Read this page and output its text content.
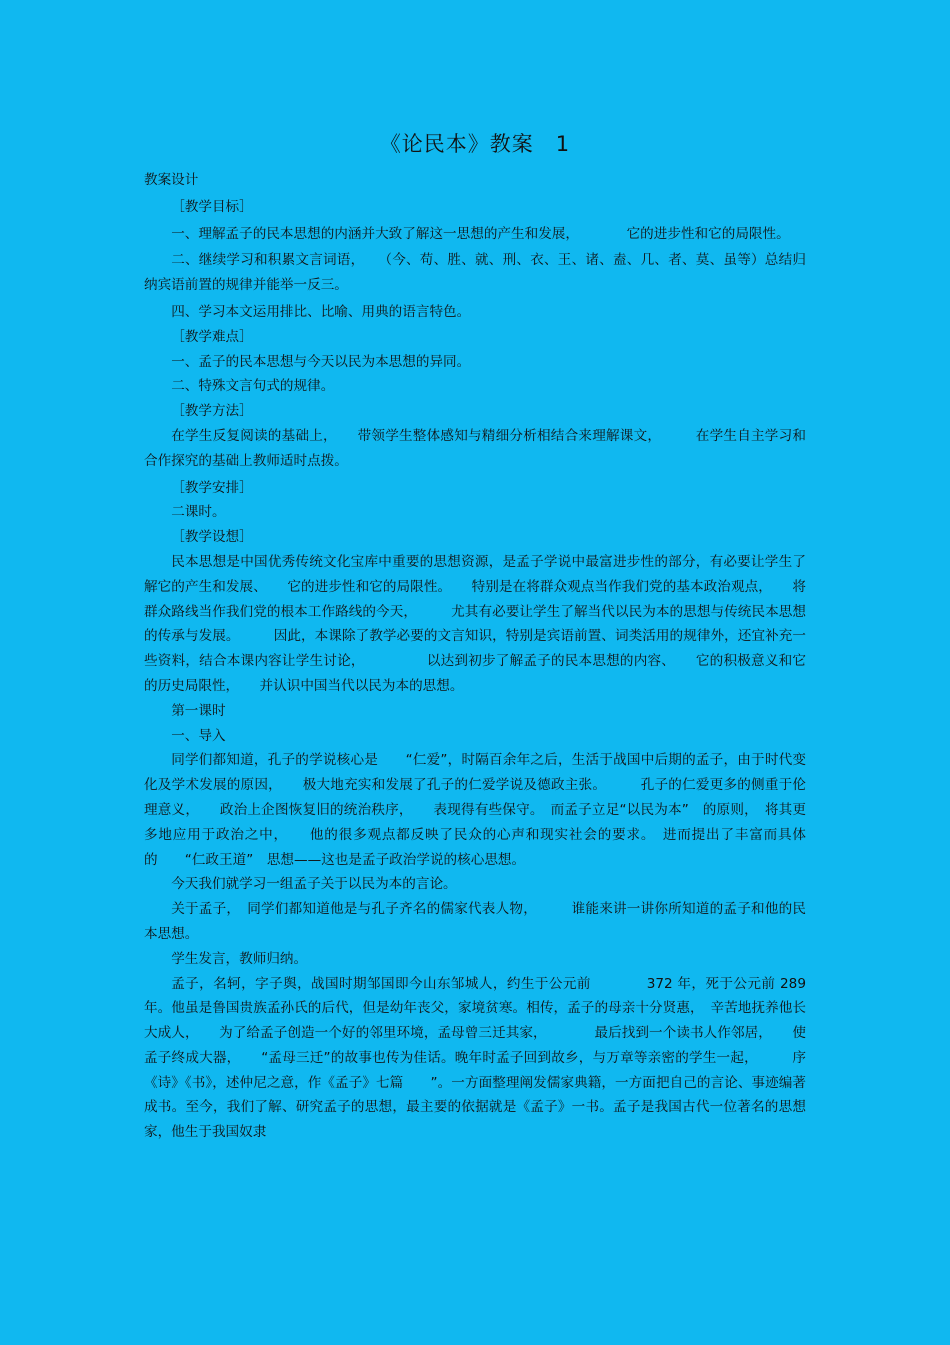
《论民本》教案　1

教案设计

［教学目标］

一、理解孟子的民本思想的内涵并大致了解这一思想的产生和发展，　　　　它的进步性和它的局限性。

二、继续学习和积累文言词语，　　（今、苟、胜、就、刑、衣、王、诸、盍、几、者、莫、虽等）总结归纳宾语前置的规律并能举一反三。

四、学习本文运用排比、比喻、用典的语言特色。

［教学难点］

一、孟子的民本思想与今天以民为本思想的异同。

二、特殊文言句式的规律。

［教学方法］

在学生反复阅读的基础上，　　带领学生整体感知与精细分析相结合来理解课文，　　　在学生自主学习和合作探究的基础上教师适时点拨。

［教学安排］

二课时。

［教学设想］

民本思想是中国优秀传统文化宝库中重要的思想资源，是孟子学说中最富进步性的部分，有必要让学生了解它的产生和发展、　　它的进步性和它的局限性。　　特别是在将群众观点当作我们党的基本政治观点，　　将群众路线当作我们党的根本工作路线的今天，　　　尤其有必要让学生了解当代以民为本的思想与传统民本思想的传承与发展。　　　因此，本课除了教学必要的文言知识，特别是宾语前置、词类活用的规律外，还宜补充一些资料，结合本课内容让学生讨论，　　　　　以达到初步了解孟子的民本思想的内容、　　它的积极意义和它的历史局限性，　　并认识中国当代以民为本的思想。

第一课时

一、导入

同学们都知道，孔子的学说核心是　　“仁爱”，时隔百余年之后，生活于战国中后期的孟子，由于时代变化及学术发展的原因，　　极大地充实和发展了孔子的仁爱学说及德政主张。　　　孔子的仁爱更多的侧重于伦理意义，　　政治上企图恢复旧的统治秩序，　　表现得有些保守。　而孟子立足“以民为本”　的原则，　将其更多地应用于政治之中，　　他的很多观点都反映了民众的心声和现实社会的要求。　进而提出了丰富而具体的　　“仁政王道”　思想——这也是孟子政治学说的核心思想。

今天我们就学习一组孟子关于以民为本的言论。

关于孟子，　同学们都知道他是与孔子齐名的儒家代表人物，　　　谁能来讲一讲你所知道的孟子和他的民本思想。

学生发言，教师归纳。

孟子，名轲，字子舆，战国时期邹国即今山东邹城人，约生于公元前　　　　372 年，死于公元前 289 年。他虽是鲁国贵族孟孙氏的后代，但是幼年丧父，家境贫寒。相传，孟子的母亲十分贤惠，　辛苦地抚养他长大成人，　　为了给孟子创造一个好的邻里环境，孟母曾三迁其家，　　　　最后找到一个读书人作邻居，　　使孟子终成大器，　　“孟母三迁”的故事也传为佳话。晚年时孟子回到故乡，与万章等亲密的学生一起，　　　序《诗》《书》，述仲尼之意，作《孟子》七篇　　”。一方面整理阐发儒家典籍，一方面把自己的言论、事迹编著成书。至今，我们了解、研究孟子的思想，最主要的依据就是《孟子》一书。孟子是我国古代一位著名的思想家，他生于我国奴隶
